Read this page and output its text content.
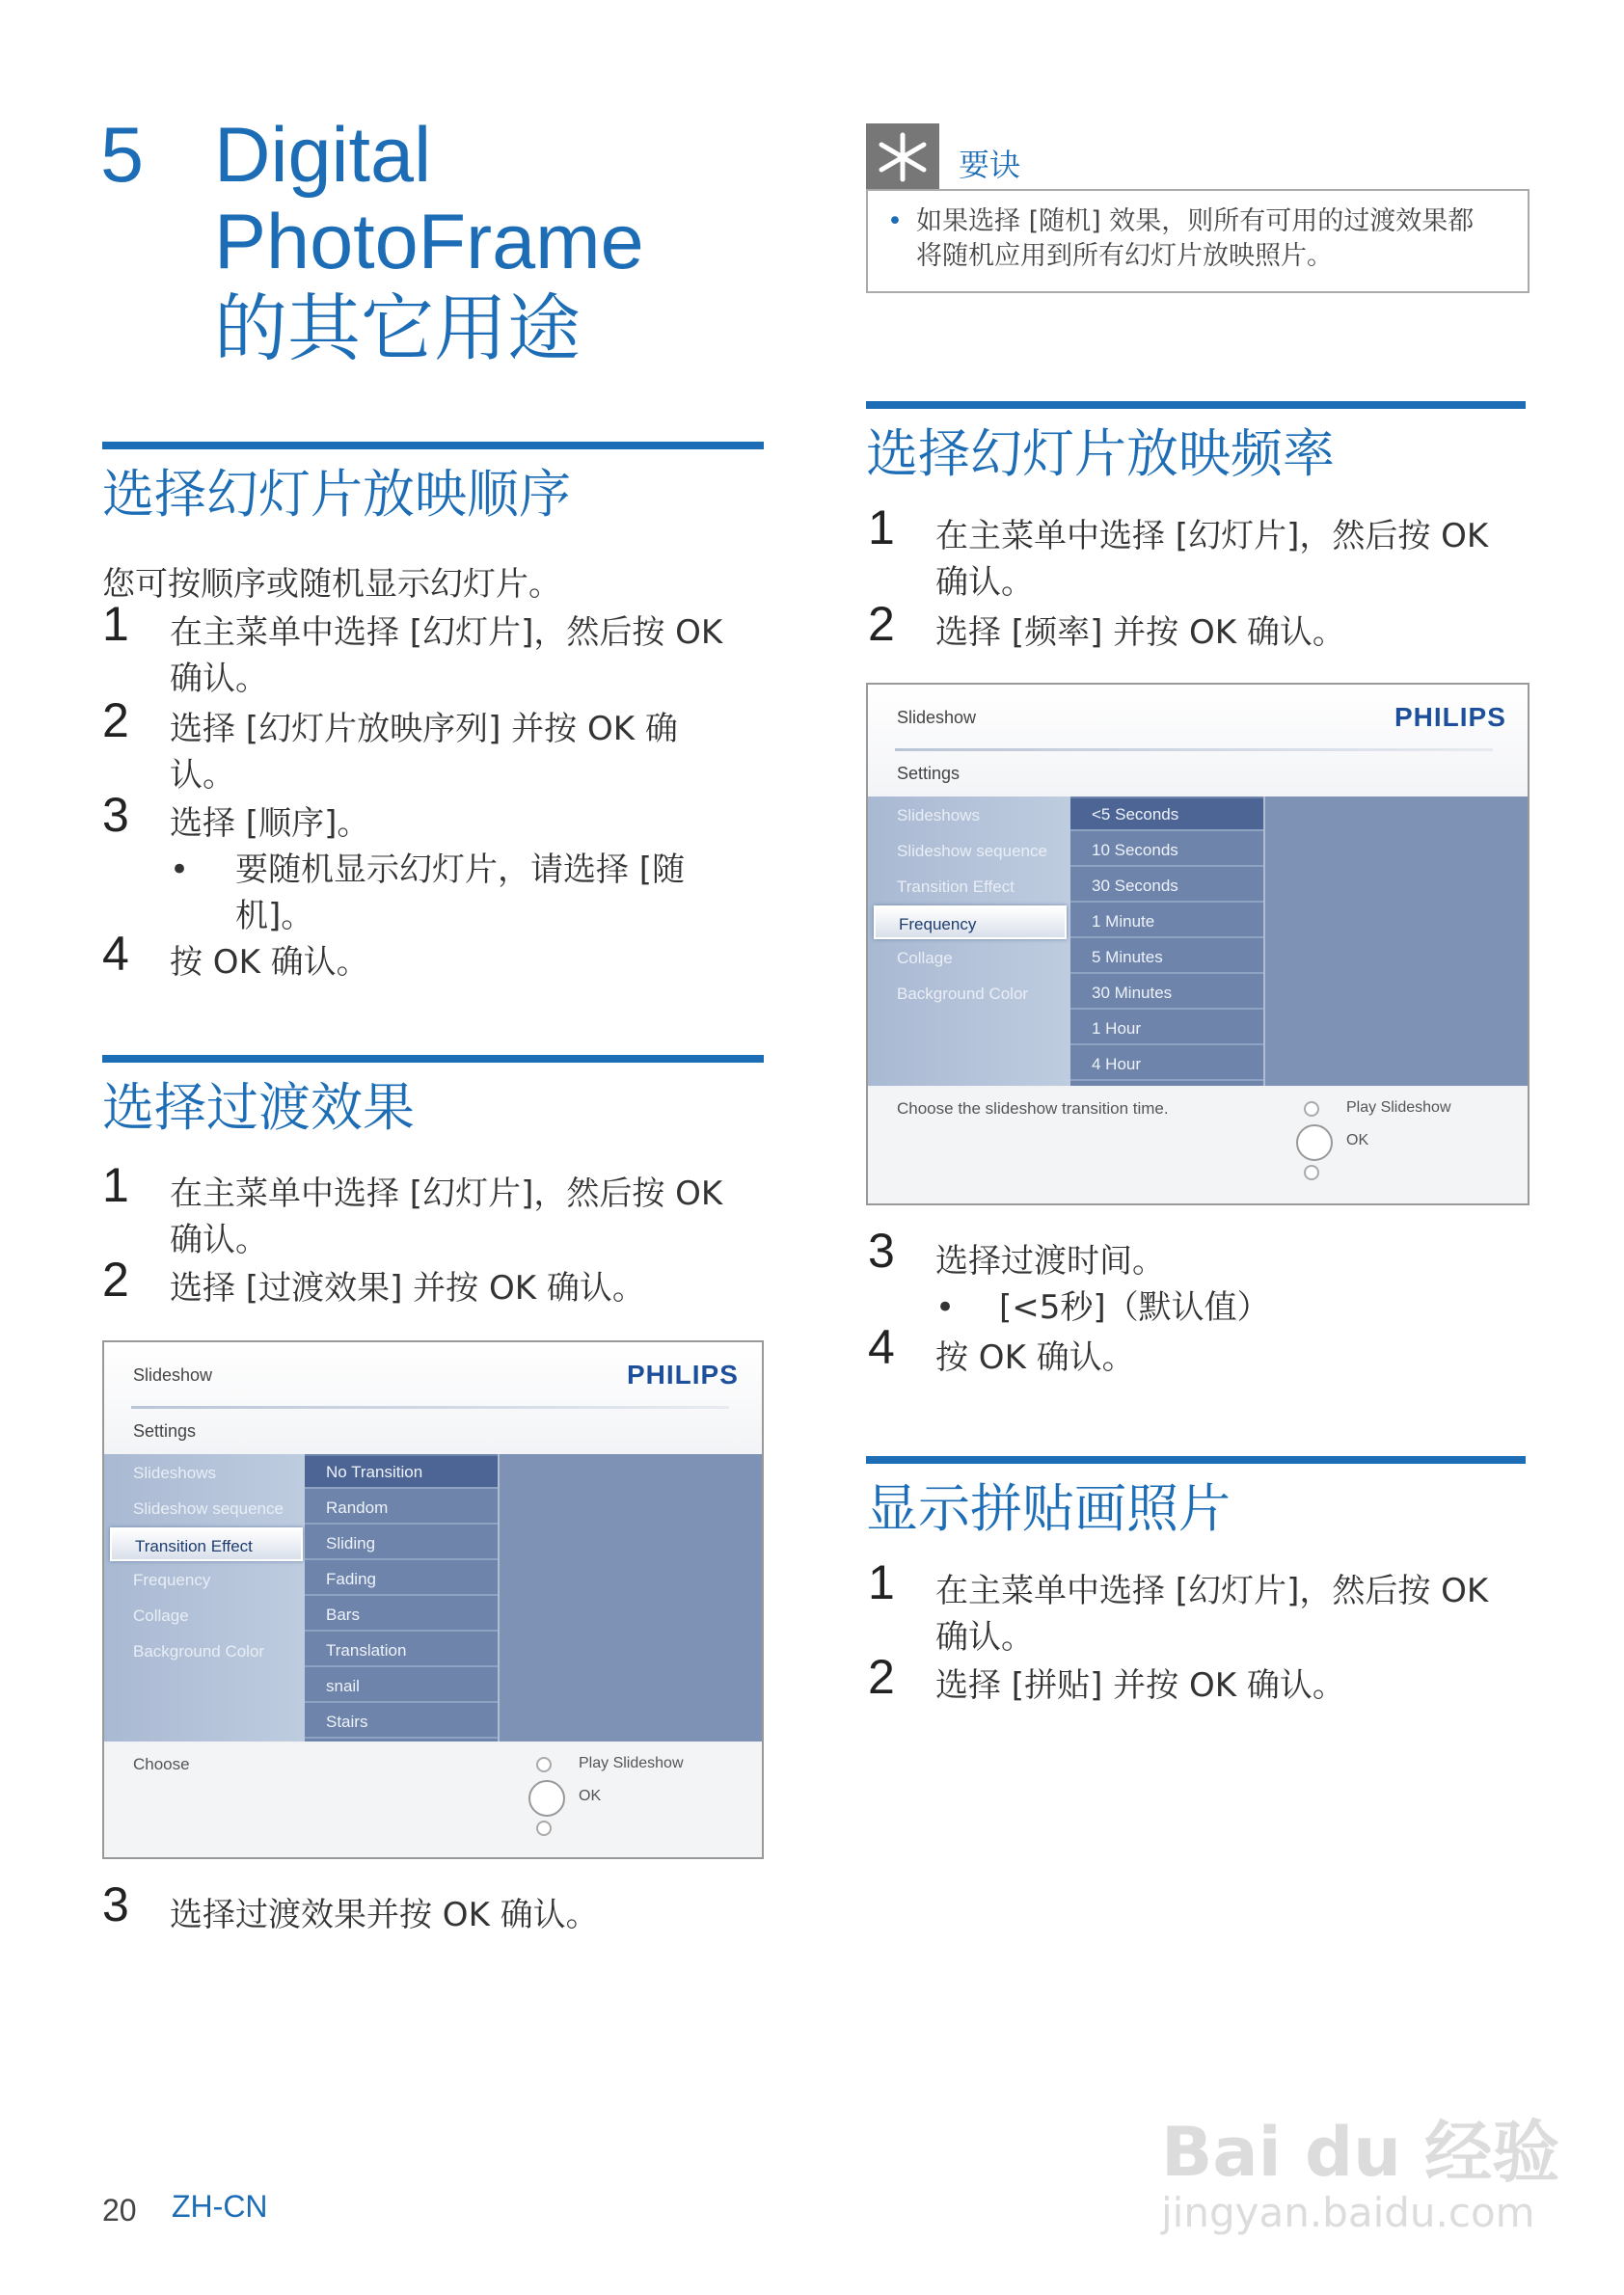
5 Digital
PhotoFrame
的其它用途
选择幻灯片放映顺序
您可按顺序或随机显示幻灯片。
1 在主菜单中选择 [幻灯片]，然后按 OK
确认。
2 选择 [幻灯片放映序列] 并按 OK 确
认。
3 选择 [顺序]。
• 要随机显示幻灯片，请选择 [随
机]。
4 按 OK 确认。
选择过渡效果
1 在主菜单中选择 [幻灯片]，然后按 OK
确认。
2 选择 [过渡效果] 并按 OK 确认。
Slideshow	PHILIPS
Settings
Slideshows
Slideshow sequence
Transition Effect
Frequency
Collage
Background Color
No Transition
Random
Sliding
Fading
Bars
Translation
snail
Stairs
Choose	Play Slideshow
OK
3 选择过渡效果并按 OK 确认。
要诀
• 如果选择 [随机] 效果，则所有可用的过渡效果都
将随机应用到所有幻灯片放映照片。
选择幻灯片放映频率
1 在主菜单中选择 [幻灯片]，然后按 OK
确认。
2 选择 [频率] 并按 OK 确认。
Slideshow	PHILIPS
Settings
Slideshows
Slideshow sequence
Transition Effect
Frequency
Collage
Background Color
<5 Seconds
10 Seconds
30 Seconds
1 Minute
5 Minutes
30 Minutes
1 Hour
4 Hour
Choose the slideshow transition time.	Play Slideshow
OK
3 选择过渡时间。
• [<5秒]（默认值）
4 按 OK 确认。
显示拼贴画照片
1 在主菜单中选择 [幻灯片]，然后按 OK
确认。
2 选择 [拼贴] 并按 OK 确认。
20 ZH-CN
Bai du 经验
jingyan.baidu.com
